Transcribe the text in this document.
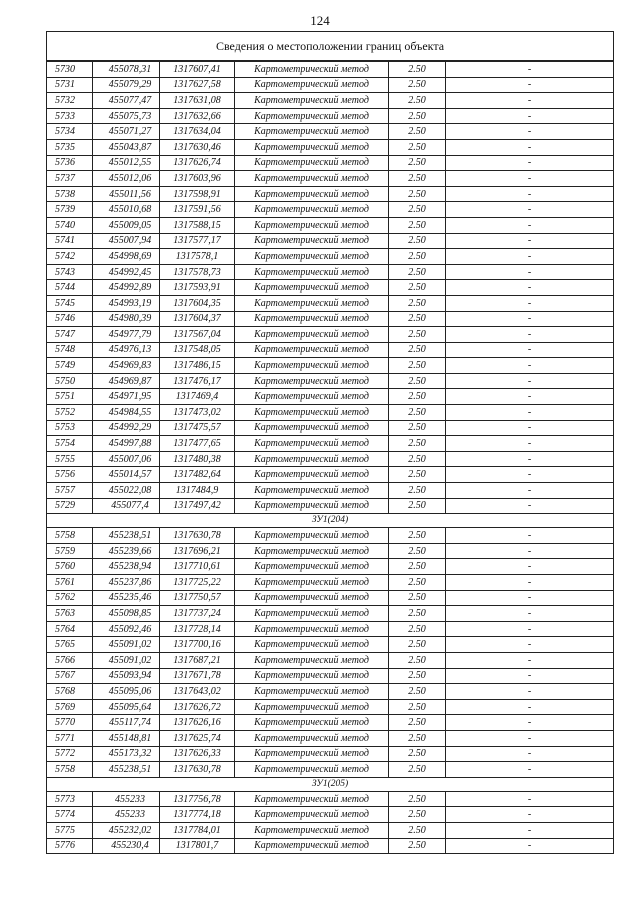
124
Сведения о местоположении границ объекта					
5730	455078,31	1317607,41	Картометрический метод	2.50	-
5731	455079,29	1317627,58	Картометрический метод	2.50	-
5732	455077,47	1317631,08	Картометрический метод	2.50	-
5733	455075,73	1317632,66	Картометрический метод	2.50	-
5734	455071,27	1317634,04	Картометрический метод	2.50	-
5735	455043,87	1317630,46	Картометрический метод	2.50	-
5736	455012,55	1317626,74	Картометрический метод	2.50	-
5737	455012,06	1317603,96	Картометрический метод	2.50	-
5738	455011,56	1317598,91	Картометрический метод	2.50	-
5739	455010,68	1317591,56	Картометрический метод	2.50	-
5740	455009,05	1317588,15	Картометрический метод	2.50	-
5741	455007,94	1317577,17	Картометрический метод	2.50	-
5742	454998,69	1317578,1	Картометрический метод	2.50	-
5743	454992,45	1317578,73	Картометрический метод	2.50	-
5744	454992,89	1317593,91	Картометрический метод	2.50	-
5745	454993,19	1317604,35	Картометрический метод	2.50	-
5746	454980,39	1317604,37	Картометрический метод	2.50	-
5747	454977,79	1317567,04	Картометрический метод	2.50	-
5748	454976,13	1317548,05	Картометрический метод	2.50	-
5749	454969,83	1317486,15	Картометрический метод	2.50	-
5750	454969,87	1317476,17	Картометрический метод	2.50	-
5751	454971,95	1317469,4	Картометрический метод	2.50	-
5752	454984,55	1317473,02	Картометрический метод	2.50	-
5753	454992,29	1317475,57	Картометрический метод	2.50	-
5754	454997,88	1317477,65	Картометрический метод	2.50	-
5755	455007,06	1317480,38	Картометрический метод	2.50	-
5756	455014,57	1317482,64	Картометрический метод	2.50	-
5757	455022,08	1317484,9	Картометрический метод	2.50	-
5729	455077,4	1317497,42	Картометрический метод	2.50	-
ЗУ1(204)					
5758	455238,51	1317630,78	Картометрический метод	2.50	-
5759	455239,66	1317696,21	Картометрический метод	2.50	-
5760	455238,94	1317710,61	Картометрический метод	2.50	-
5761	455237,86	1317725,22	Картометрический метод	2.50	-
5762	455235,46	1317750,57	Картометрический метод	2.50	-
5763	455098,85	1317737,24	Картометрический метод	2.50	-
5764	455092,46	1317728,14	Картометрический метод	2.50	-
5765	455091,02	1317700,16	Картометрический метод	2.50	-
5766	455091,02	1317687,21	Картометрический метод	2.50	-
5767	455093,94	1317671,78	Картометрический метод	2.50	-
5768	455095,06	1317643,02	Картометрический метод	2.50	-
5769	455095,64	1317626,72	Картометрический метод	2.50	-
5770	455117,74	1317626,16	Картометрический метод	2.50	-
5771	455148,81	1317625,74	Картометрический метод	2.50	-
5772	455173,32	1317626,33	Картометрический метод	2.50	-
5758	455238,51	1317630,78	Картометрический метод	2.50	-
ЗУ1(205)					
5773	455233	1317756,78	Картометрический метод	2.50	-
5774	455233	1317774,18	Картометрический метод	2.50	-
5775	455232,02	1317784,01	Картометрический метод	2.50	-
5776	455230,4	1317801,7	Картометрический метод	2.50	-
